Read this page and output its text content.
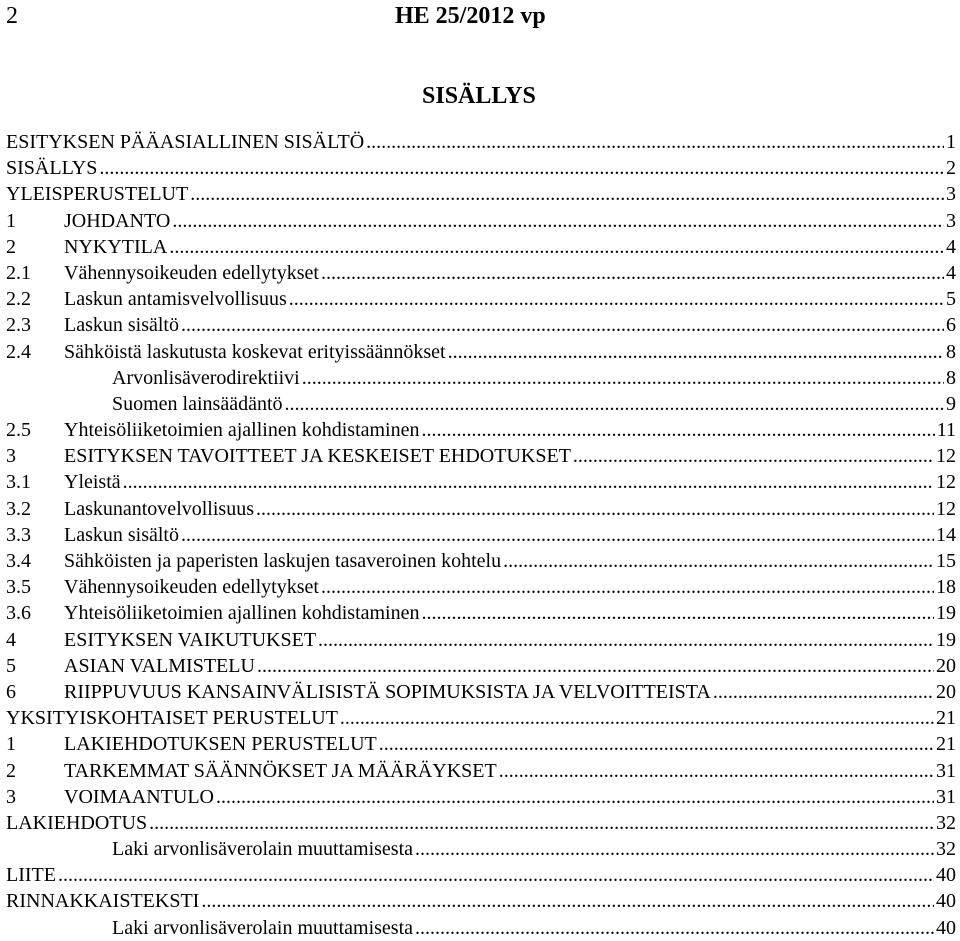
2	HE 25/2012 vp
SISÄLLYS
ESITYKSEN PÄÄASIALLINEN SISÄLTÖ .....	1
SISÄLLYS .....	2
YLEISPERUSTELUT .....	3
1	JOHDANTO .....	3
2	NYKYTILA .....	4
2.1	Vähennysoikeuden edellytykset .....	4
2.2	Laskun antamisvelvollisuus .....	5
2.3	Laskun sisältö .....	6
2.4	Sähköistä laskutusta koskevat erityissäännökset .....	8
Arvonlisäverodirektiivi .....	8
Suomen lainsäädäntö .....	9
2.5	Yhteisöliiketoimien ajallinen kohdistaminen .....	11
3	ESITYKSEN TAVOITTEET JA KESKEISET EHDOTUKSET .....	12
3.1	Yleistä .....	12
3.2	Laskunantovelvollisuus .....	12
3.3	Laskun sisältö .....	14
3.4	Sähköisten ja paperisten laskujen tasaveroinen kohtelu .....	15
3.5	Vähennysoikeuden edellytykset .....	18
3.6	Yhteisöliiketoimien ajallinen kohdistaminen .....	19
4	ESITYKSEN VAIKUTUKSET .....	19
5	ASIAN VALMISTELU .....	20
6	RIIPPUVUUS KANSAINVÄLISISTÄ SOPIMUKSISTA JA VELVOITTEISTA .....	20
YKSITYISKOHTAISET PERUSTELUT .....	21
1	LAKIEHDOTUKSEN PERUSTELUT .....	21
2	TARKEMMAT SÄÄNNÖKSET JA MÄÄRÄYKSET .....	31
3	VOIMAANTULO .....	31
LAKIEHDOTUS .....	32
Laki arvonlisäverolain muuttamisesta .....	32
LIITE .....	40
RINNAKKAISTEKSTI .....	40
Laki arvonlisäverolain muuttamisesta .....	40
